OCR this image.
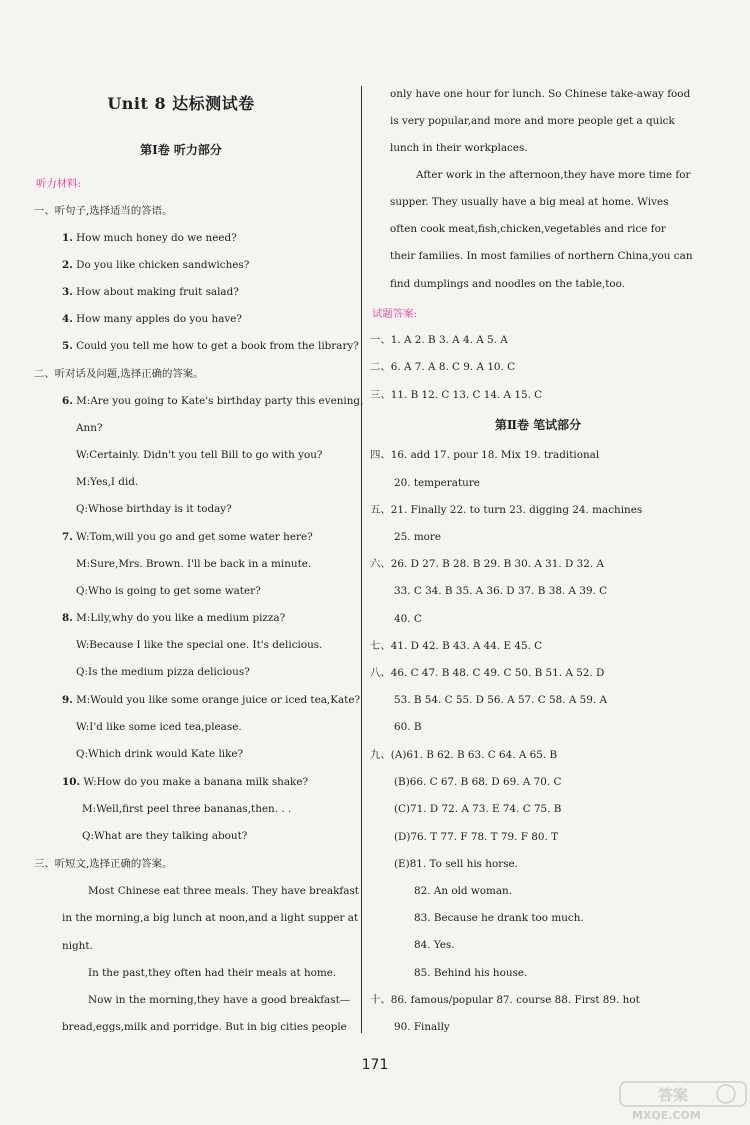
Unit 8 达标测试卷
第Ⅰ卷 听力部分
听力材料:
一、听句子,选择适当的答语。
1. How much honey do we need?
2. Do you like chicken sandwiches?
3. How about making fruit salad?
4. How many apples do you have?
5. Could you tell me how to get a book from the library?
二、听对话及问题,选择正确的答案。
6. M:Are you going to Kate's birthday party this evening,
Ann?
W:Certainly. Didn't you tell Bill to go with you?
M:Yes,I did.
Q:Whose birthday is it today?
7. W:Tom,will you go and get some water here?
M:Sure,Mrs. Brown. I'll be back in a minute.
Q:Who is going to get some water?
8. M:Lily,why do you like a medium pizza?
W:Because I like the special one. It's delicious.
Q:Is the medium pizza delicious?
9. M:Would you like some orange juice or iced tea,Kate?
W:I'd like some iced tea,please.
Q:Which drink would Kate like?
10. W:How do you make a banana milk shake?
M:Well,first peel three bananas,then. . .
Q:What are they talking about?
三、听短文,选择正确的答案。
Most Chinese eat three meals. They have breakfast
in the morning,a big lunch at noon,and a light supper at
night.
In the past,they often had their meals at home.
Now in the morning,they have a good breakfast—
bread,eggs,milk and porridge. But in big cities people
only have one hour for lunch. So Chinese take-away food
is very popular,and more and more people get a quick
lunch in their workplaces.
After work in the afternoon,they have more time for
supper. They usually have a big meal at home. Wives
often cook meat,fish,chicken,vegetables and rice for
their families. In most families of northern China,you can
find dumplings and noodles on the table,too.
试题答案:
一、1. A 2. B 3. A 4. A 5. A
二、6. A 7. A 8. C 9. A 10. C
三、11. B 12. C 13. C 14. A 15. C
第Ⅱ卷 笔试部分
四、16. add 17. pour 18. Mix 19. traditional
20. temperature
五、21. Finally 22. to turn 23. digging 24. machines
25. more
六、26. D 27. B 28. B 29. B 30. A 31. D 32. A
33. C 34. B 35. A 36. D 37. B 38. A 39. C
40. C
七、41. D 42. B 43. A 44. E 45. C
八、46. C 47. B 48. C 49. C 50. B 51. A 52. D
53. B 54. C 55. D 56. A 57. C 58. A 59. A
60. B
九、(A)61. B 62. B 63. C 64. A 65. B
(B)66. C 67. B 68. D 69. A 70. C
(C)71. D 72. A 73. E 74. C 75. B
(D)76. T 77. F 78. T 79. F 80. T
(E)81. To sell his horse.
82. An old woman.
83. Because he drank too much.
84. Yes.
85. Behind his house.
十、86. famous/popular 87. course 88. First 89. hot
90. Finally
171
答案
MXQE.COM
